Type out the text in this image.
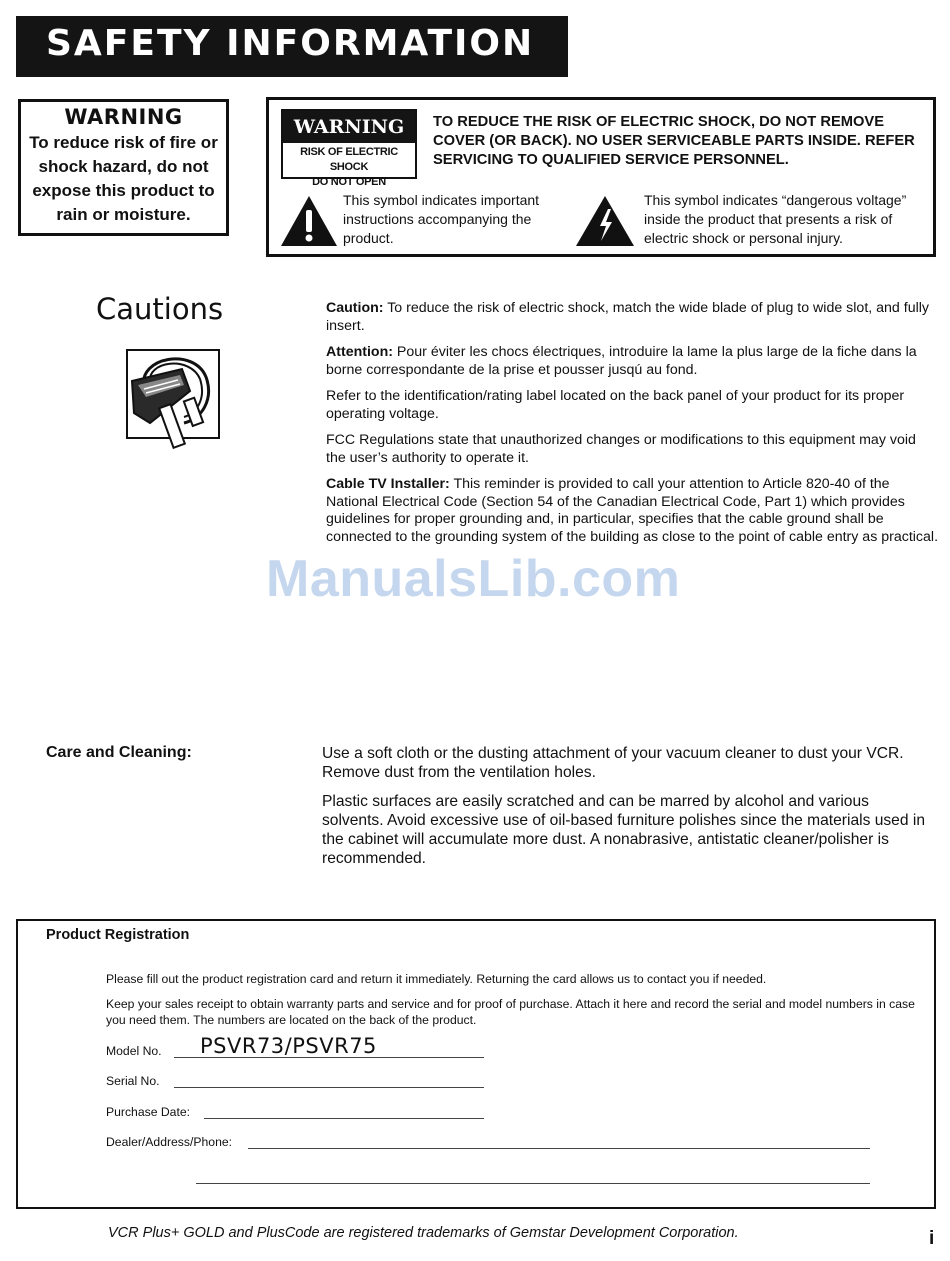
SAFETY INFORMATION
WARNING
To reduce risk of fire or shock hazard, do not expose this product to rain or moisture.
WARNING
RISK OF ELECTRIC SHOCK
DO NOT OPEN
TO REDUCE THE RISK OF ELECTRIC SHOCK, DO NOT REMOVE COVER (OR BACK). NO USER SERVICEABLE PARTS INSIDE. REFER SERVICING TO QUALIFIED SERVICE PERSONNEL.
This symbol indicates important instructions accompanying the product.
This symbol indicates “dangerous voltage” inside the product that presents a risk of electric shock or personal injury.
Cautions	Caution: To reduce the risk of electric shock, match the wide blade of plug to wide slot, and fully insert.

Attention: Pour éviter les chocs électriques, introduire la lame la plus large de la fiche dans la borne correspondante de la prise et pousser jusqú au fond.

Refer to the identification/rating label located on the back panel of your product for its proper operating voltage.

FCC Regulations state that unauthorized changes or modifications to this equipment may void the user’s authority to operate it.

Cable TV Installer: This reminder is provided to call your attention to Article 820-40 of the National Electrical Code (Section 54 of the Canadian Electrical Code, Part 1) which provides guidelines for proper grounding and, in particular, specifies that the cable ground shall be connected to the grounding system of the building as close to the point of cable entry as practical.

ManualsLib.com
Care and Cleaning:	Use a soft cloth or the dusting attachment of your vacuum cleaner to dust your VCR. Remove dust from the ventilation holes.

Plastic surfaces are easily scratched and can be marred by alcohol and various solvents. Avoid excessive use of oil-based furniture polishes since the materials used in the cabinet will accumulate more dust. A nonabrasive, antistatic cleaner/polisher is recommended.

Product Registration
Please fill out the product registration card and return it immediately. Returning the card allows us to contact you if needed.
Keep your sales receipt to obtain warranty parts and service and for proof of purchase. Attach it here and record the serial and model numbers in case you need them. The numbers are located on the back of the product.
Model No. PSVR73/PSVR75
Serial No.
Purchase Date:
Dealer/Address/Phone:
VCR Plus+ GOLD and PlusCode are registered trademarks of Gemstar Development Corporation.	i
